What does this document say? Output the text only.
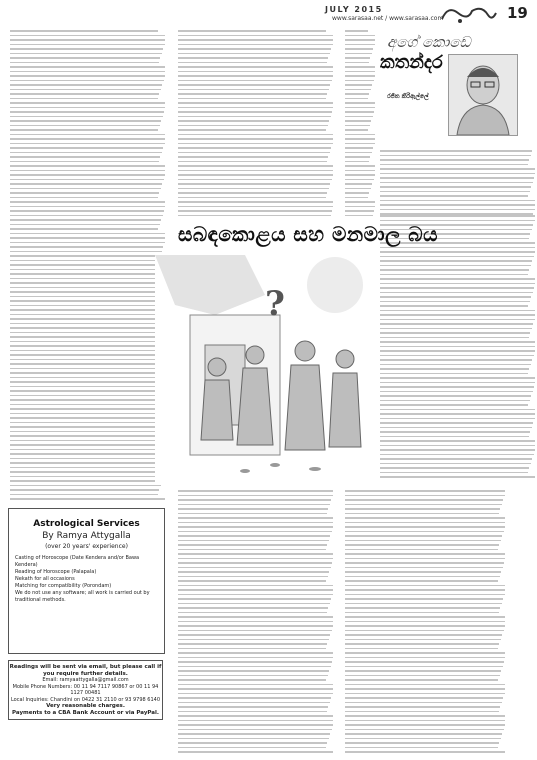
JULY 2015
www.sarasaa.net / www.sarasaa.com	19
අගේ කොඩෙ
කතන්දර
රජිත කිරිඇල්ලේ
සබඳකොළය සහ මනමාල බය
?
Astrological Services
By Ramya Attygalla
(over 20 years' experience)
Casting of Horoscope (Date Kendera and/or Bawa Kendera)
Reading of Horoscope (Palapala)
Nekath for all occasions
Matching for compatibility (Porondam)
We do not use any software; all work is carried out by traditional methods.
Readings will be sent via email, but please call if you require further details.
Email: ramyaattygalla@gmail.com
Mobile Phone Numbers: 00 11 94 7117 90867 or 00 11 94 1127 00481
Local Inquiries: Chandini on 0422 31 2110 or 93 9798 6140
Very reasonable charges.
Payments to a CBA Bank Account or via PayPal.
